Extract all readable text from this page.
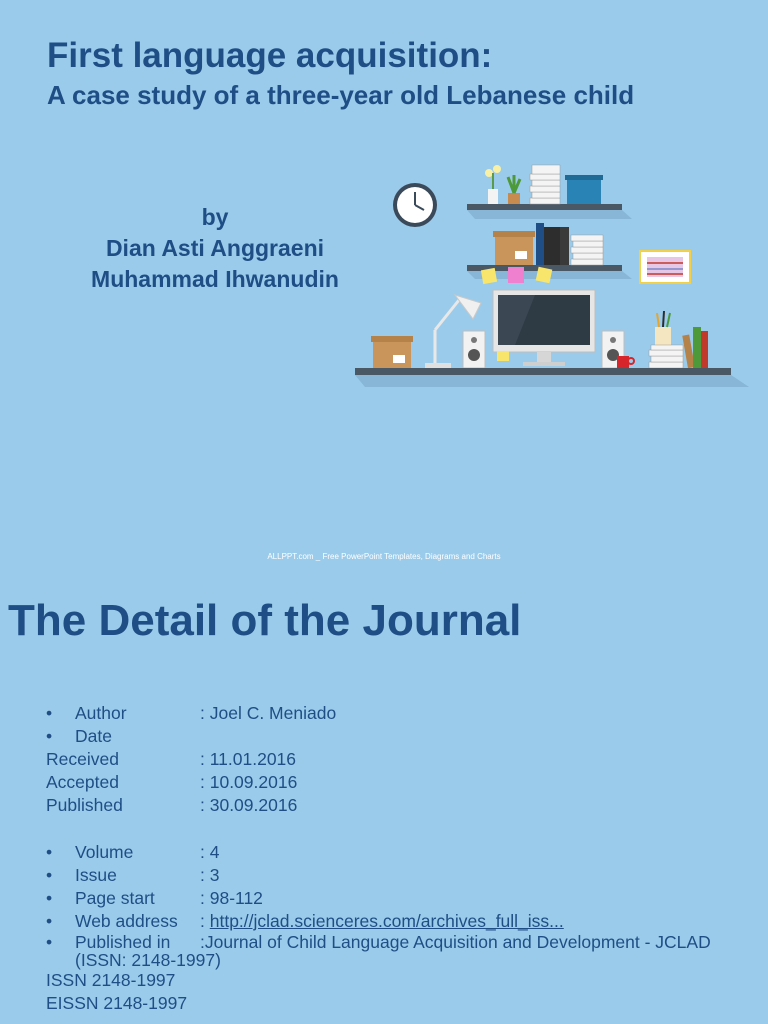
First language acquisition:
A case study of a three-year old Lebanese child
by
Dian Asti Anggraeni
Muhammad Ihwanudin
ALLPPT.com _ Free PowerPoint Templates, Diagrams and Charts
The Detail of the Journal
•	Author	: Joel C. Meniado
•	Date
Received	: 11.01.2016
Accepted	: 10.09.2016
Published	: 30.09.2016
•	Volume	: 4
•	Issue	: 3
•	Page start	: 98-112
•	Web address	: http://jclad.scienceres.com/archives_full_iss...
•	Published in :Journal of Child Language Acquisition and Development - JCLAD (ISSN: 2148-1997)
ISSN 2148-1997
EISSN 2148-1997
